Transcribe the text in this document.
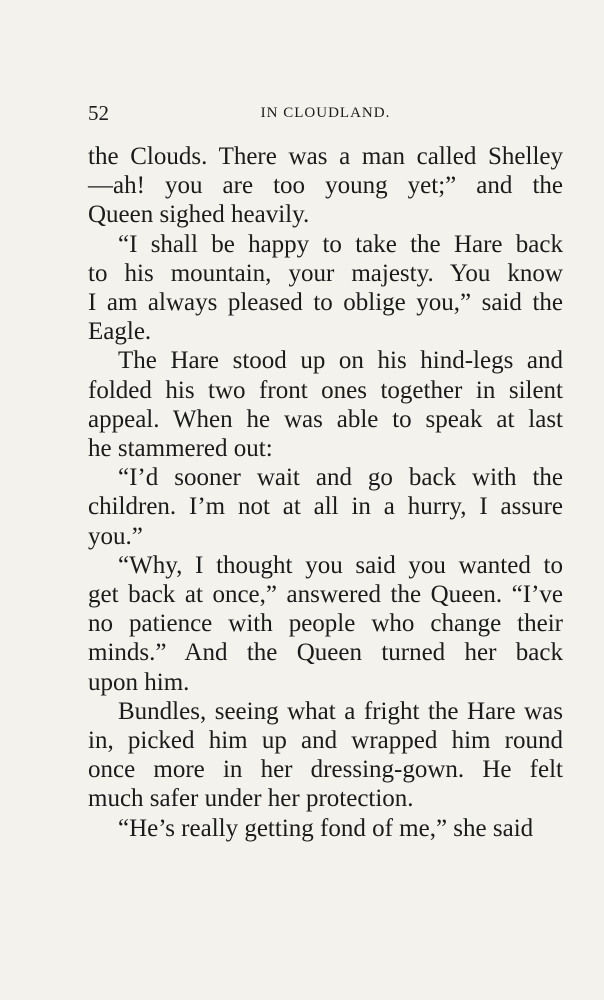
52	IN CLOUDLAND.
the Clouds. There was a man called Shelley
—ah! you are too young yet;” and the
Queen sighed heavily.
“I shall be happy to take the Hare back
to his mountain, your majesty. You know
I am always pleased to oblige you,” said the
Eagle.
The Hare stood up on his hind-legs and
folded his two front ones together in silent
appeal. When he was able to speak at last
he stammered out:
“I’d sooner wait and go back with the
children. I’m not at all in a hurry, I assure
you.”
“Why, I thought you said you wanted to
get back at once,” answered the Queen. “I’ve
no patience with people who change their
minds.” And the Queen turned her back
upon him.
Bundles, seeing what a fright the Hare was
in, picked him up and wrapped him round
once more in her dressing-gown. He felt
much safer under her protection.
“He’s really getting fond of me,” she said
